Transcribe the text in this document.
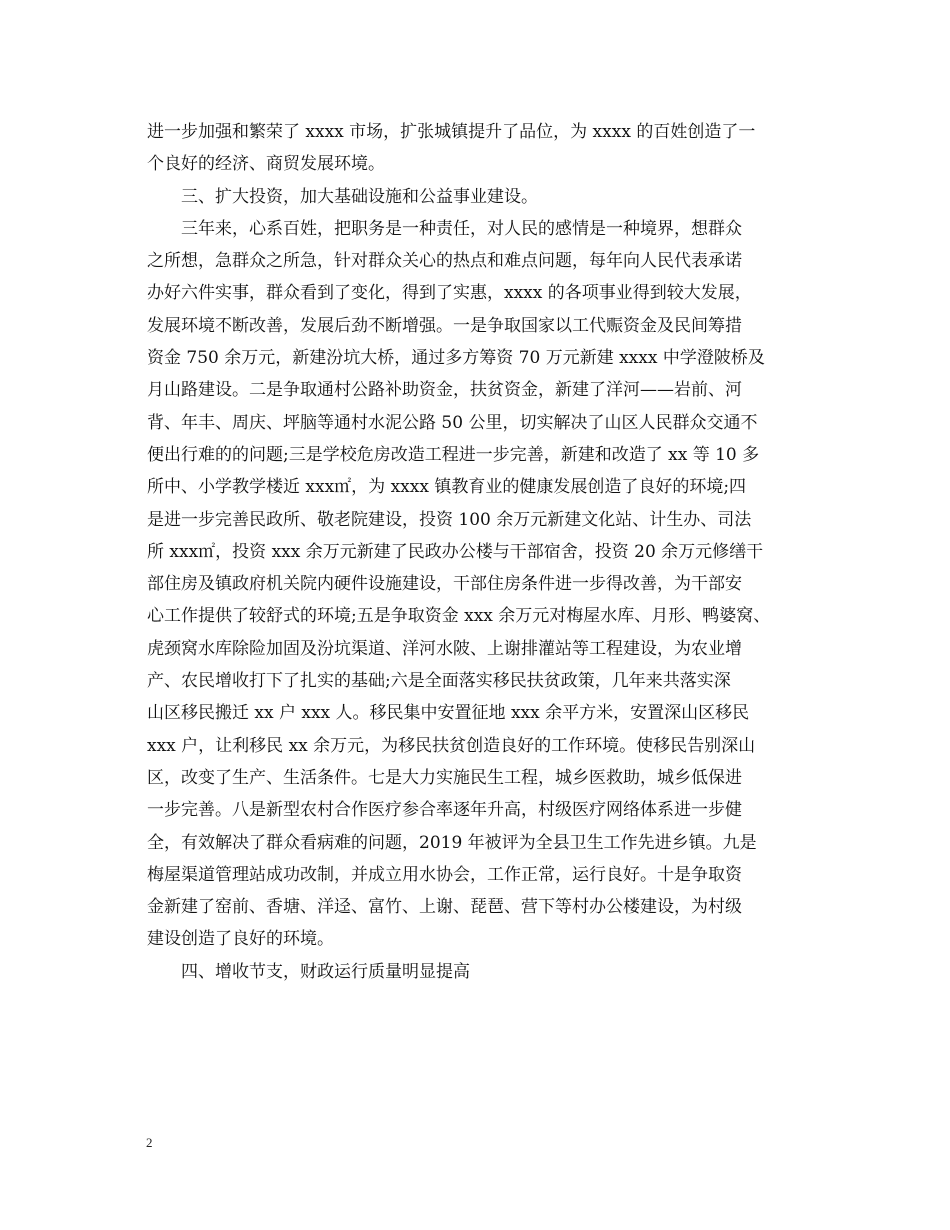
进一步加强和繁荣了 xxxx 市场，扩张城镇提升了品位，为 xxxx 的百姓创造了一
个良好的经济、商贸发展环境。
三、扩大投资，加大基础设施和公益事业建设。
三年来，心系百姓，把职务是一种责任，对人民的感情是一种境界，想群众
之所想，急群众之所急，针对群众关心的热点和难点问题，每年向人民代表承诺
办好六件实事，群众看到了变化，得到了实惠，xxxx 的各项事业得到较大发展，
发展环境不断改善，发展后劲不断增强。一是争取国家以工代赈资金及民间筹措
资金 750 余万元，新建汾坑大桥，通过多方筹资 70 万元新建 xxxx 中学澄陂桥及
月山路建设。二是争取通村公路补助资金，扶贫资金，新建了洋河——岩前、河
背、年丰、周庆、坪脑等通村水泥公路 50 公里，切实解决了山区人民群众交通不
便出行难的的问题;三是学校危房改造工程进一步完善，新建和改造了 xx 等 10 多
所中、小学教学楼近 xxx㎡，为 xxxx 镇教育业的健康发展创造了良好的环境;四
是进一步完善民政所、敬老院建设，投资 100 余万元新建文化站、计生办、司法
所 xxx㎡，投资 xxx 余万元新建了民政办公楼与干部宿舍，投资 20 余万元修缮干
部住房及镇政府机关院内硬件设施建设，干部住房条件进一步得改善，为干部安
心工作提供了较舒式的环境;五是争取资金 xxx 余万元对梅屋水库、月形、鸭婆窝、
虎颈窝水库除险加固及汾坑渠道、洋河水陂、上谢排灌站等工程建设，为农业增
产、农民增收打下了扎实的基础;六是全面落实移民扶贫政策，几年来共落实深
山区移民搬迁 xx 户 xxx 人。移民集中安置征地 xxx 余平方米，安置深山区移民
xxx 户，让利移民 xx 余万元，为移民扶贫创造良好的工作环境。使移民告别深山
区，改变了生产、生活条件。七是大力实施民生工程，城乡医救助，城乡低保进
一步完善。八是新型农村合作医疗参合率逐年升高，村级医疗网络体系进一步健
全，有效解决了群众看病难的问题，2019 年被评为全县卫生工作先进乡镇。九是
梅屋渠道管理站成功改制，并成立用水协会，工作正常，运行良好。十是争取资
金新建了窑前、香塘、洋迳、富竹、上谢、琵琶、营下等村办公楼建设，为村级
建设创造了良好的环境。
四、增收节支，财政运行质量明显提高
2
